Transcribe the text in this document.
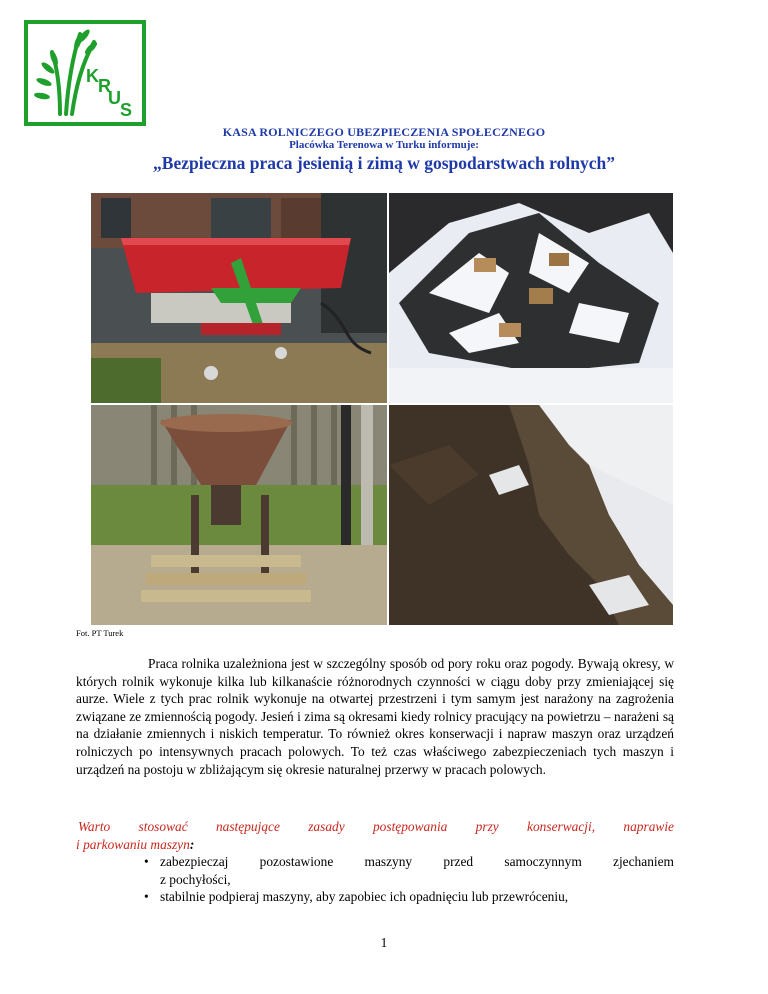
K R
U
S
KASA ROLNICZEGO UBEZPIECZENIA SPOŁECZNEGO
Placówka Terenowa w Turku informuje:
„Bezpieczna praca jesienią i zimą w gospodarstwach rolnych”
Fot. PT Turek

Praca rolnika uzależniona jest w szczególny sposób od pory roku oraz pogody. Bywają okresy, w których rolnik wykonuje kilka lub kilkanaście różnorodnych czynności w ciągu doby przy zmieniającej się aurze. Wiele z tych prac rolnik wykonuje na otwartej przestrzeni i tym samym jest narażony na zagrożenia związane ze zmiennością pogody. Jesień i zima są okresami kiedy rolnicy pracujący na powietrzu – narażeni są na działanie zmiennych i niskich temperatur. To również okres konserwacji i napraw maszyn oraz urządzeń rolniczych po intensywnych pracach polowych. To też czas właściwego zabezpieczeniach tych maszyn i urządzeń na postoju w zbliżającym się okresie naturalnej przerwy w pracach polowych.

Warto stosować następujące zasady postępowania przy konserwacji, naprawie
i parkowaniu maszyn:
• zabezpieczaj pozostawione maszyny przed samoczynnym zjechaniem
z pochyłości,
• stabilnie podpieraj maszyny, aby zapobiec ich opadnięciu lub przewróceniu,
1
